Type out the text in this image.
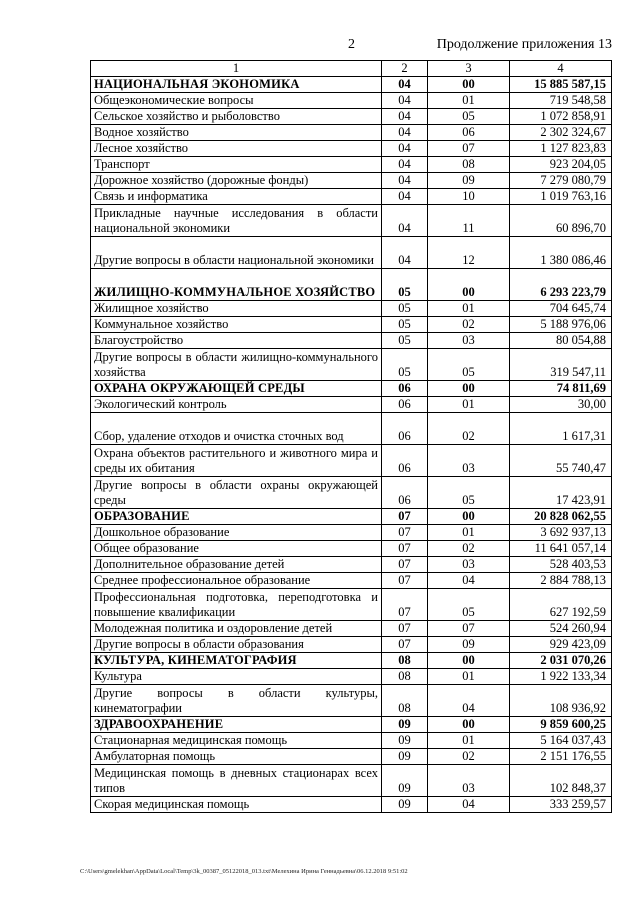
2	Продолжение приложения 13
1	2	3	4
НАЦИОНАЛЬНАЯ ЭКОНОМИКА	04	00	15 885 587,15
Общеэкономические вопросы	04	01	719 548,58
Сельское хозяйство и рыболовство	04	05	1 072 858,91
Водное хозяйство	04	06	2 302 324,67
Лесное хозяйство	04	07	1 127 823,83
Транспорт	04	08	923 204,05
Дорожное хозяйство (дорожные фонды)	04	09	7 279 080,79
Связь и информатика	04	10	1 019 763,16
Прикладные научные исследования в области национальной экономики	04	11	60 896,70
Другие вопросы в области национальной экономики	04	12	1 380 086,46
ЖИЛИЩНО-КОММУНАЛЬНОЕ ХОЗЯЙСТВО	05	00	6 293 223,79
Жилищное хозяйство	05	01	704 645,74
Коммунальное хозяйство	05	02	5 188 976,06
Благоустройство	05	03	80 054,88
Другие вопросы в области жилищно-коммунального хозяйства	05	05	319 547,11
ОХРАНА ОКРУЖАЮЩЕЙ СРЕДЫ	06	00	74 811,69
Экологический контроль	06	01	30,00
Сбор, удаление отходов и очистка сточных вод	06	02	1 617,31
Охрана объектов растительного и животного мира и среды их обитания	06	03	55 740,47
Другие вопросы в области охраны окружающей среды	06	05	17 423,91
ОБРАЗОВАНИЕ	07	00	20 828 062,55
Дошкольное образование	07	01	3 692 937,13
Общее образование	07	02	11 641 057,14
Дополнительное образование детей	07	03	528 403,53
Среднее профессиональное образование	07	04	2 884 788,13
Профессиональная подготовка, переподготовка и повышение квалификации	07	05	627 192,59
Молодежная политика и оздоровление детей	07	07	524 260,94
Другие вопросы в области образования	07	09	929 423,09
КУЛЬТУРА, КИНЕМАТОГРАФИЯ	08	00	2 031 070,26
Культура	08	01	1 922 133,34
Другие вопросы в области культуры, кинематографии	08	04	108 936,92
ЗДРАВООХРАНЕНИЕ	09	00	9 859 600,25
Стационарная медицинская помощь	09	01	5 164 037,43
Амбулаторная помощь	09	02	2 151 176,55
Медицинская помощь в дневных стационарах всех типов	09	03	102 848,37
Скорая медицинская помощь	09	04	333 259,57
C:\Users\gmelekhan\AppData\Local\Temp\3k_00387_05122018_013.txt\Мелехина Ирина Геннадьевна\06.12.2018 9:51:02
